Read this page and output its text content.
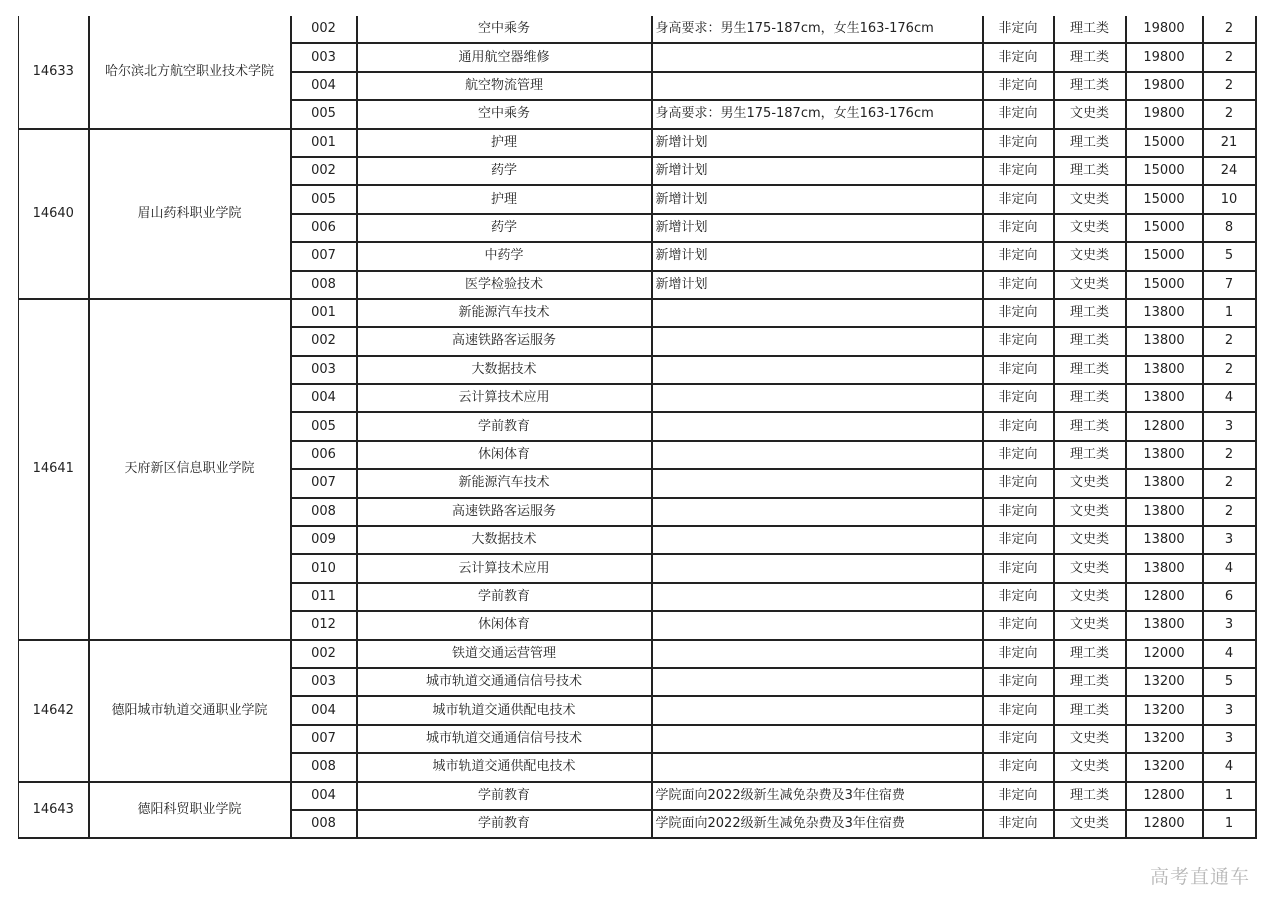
14633	哈尔滨北方航空职业技术学院	002	空中乘务	身高要求：男生175-187cm，女生163-176cm	非定向	理工类	19800	2
		003	通用航空器维修		非定向	理工类	19800	2
		004	航空物流管理		非定向	理工类	19800	2
		005	空中乘务	身高要求：男生175-187cm，女生163-176cm	非定向	文史类	19800	2
14640	眉山药科职业学院	001	护理	新增计划	非定向	理工类	15000	21
		002	药学	新增计划	非定向	理工类	15000	24
		005	护理	新增计划	非定向	文史类	15000	10
		006	药学	新增计划	非定向	文史类	15000	8
		007	中药学	新增计划	非定向	文史类	15000	5
		008	医学检验技术	新增计划	非定向	文史类	15000	7
14641	天府新区信息职业学院	001	新能源汽车技术		非定向	理工类	13800	1
		002	高速铁路客运服务		非定向	理工类	13800	2
		003	大数据技术		非定向	理工类	13800	2
		004	云计算技术应用		非定向	理工类	13800	4
		005	学前教育		非定向	理工类	12800	3
		006	休闲体育		非定向	理工类	13800	2
		007	新能源汽车技术		非定向	文史类	13800	2
		008	高速铁路客运服务		非定向	文史类	13800	2
		009	大数据技术		非定向	文史类	13800	3
		010	云计算技术应用		非定向	文史类	13800	4
		011	学前教育		非定向	文史类	12800	6
		012	休闲体育		非定向	文史类	13800	3
14642	德阳城市轨道交通职业学院	002	铁道交通运营管理		非定向	理工类	12000	4
		003	城市轨道交通通信信号技术		非定向	理工类	13200	5
		004	城市轨道交通供配电技术		非定向	理工类	13200	3
		007	城市轨道交通通信信号技术		非定向	文史类	13200	3
		008	城市轨道交通供配电技术		非定向	文史类	13200	4
14643	德阳科贸职业学院	004	学前教育	学院面向2022级新生减免杂费及3年住宿费	非定向	理工类	12800	1
		008	学前教育	学院面向2022级新生减免杂费及3年住宿费	非定向	文史类	12800	1
高考直通车
